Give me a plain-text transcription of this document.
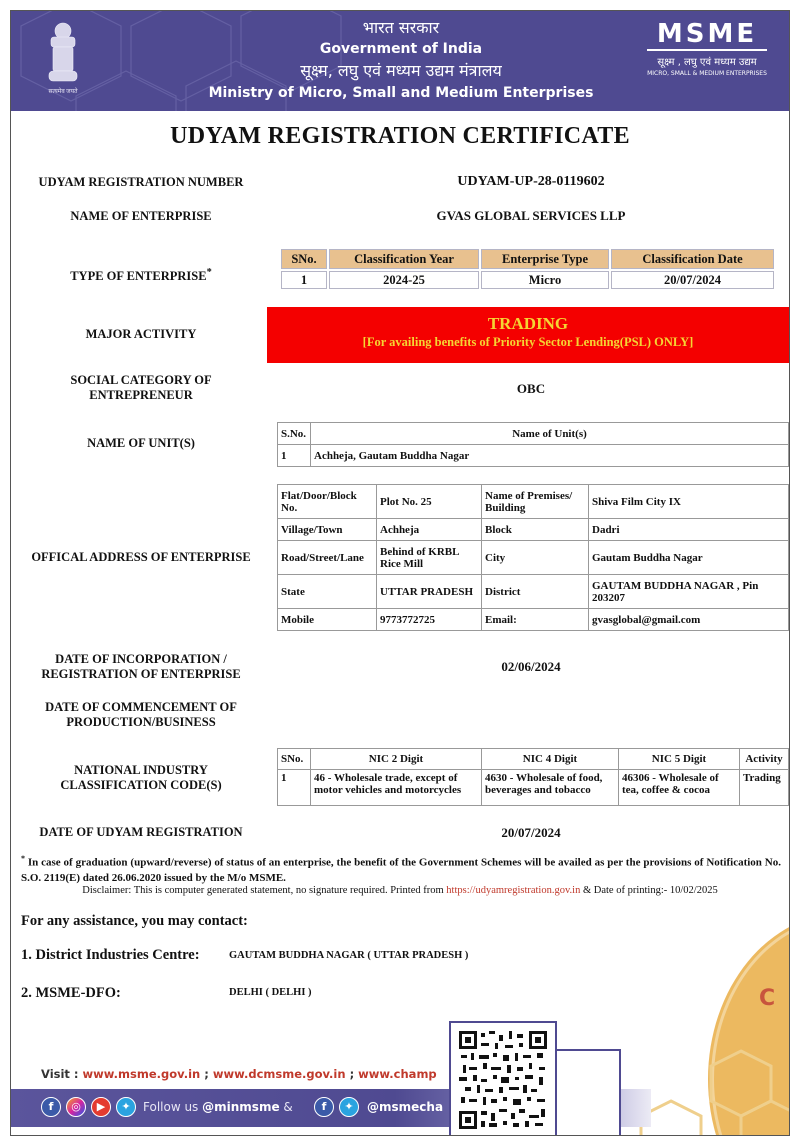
सत्यमेव जयते
भारत सरकार
Government of India
सूक्ष्म, लघु एवं मध्यम उद्यम मंत्रालय
Ministry of Micro, Small and Medium Enterprises
MSME
सूक्ष्म , लघु एवं मध्यम उद्यम
MICRO, SMALL & MEDIUM ENTERPRISES
UDYAM REGISTRATION CERTIFICATE
UDYAM REGISTRATION NUMBER	UDYAM-UP-28-0119602
NAME OF ENTERPRISE	GVAS GLOBAL SERVICES LLP
TYPE OF ENTERPRISE*
SNo.	Classification Year	Enterprise Type	Classification Date
1	2024-25	Micro	20/07/2024
MAJOR ACTIVITY
TRADING
[For availing benefits of Priority Sector Lending(PSL) ONLY]
SOCIAL CATEGORY OF
ENTREPRENEUR	OBC
NAME OF UNIT(S)
S.No.	Name of Unit(s)
1	Achheja, Gautam Buddha Nagar
OFFICAL ADDRESS OF ENTERPRISE
Flat/Door/Block No.	Plot No. 25	Name of Premises/ Building	Shiva Film City IX
Village/Town	Achheja	Block	Dadri
Road/Street/Lane	Behind of KRBL Rice Mill	City	Gautam Buddha Nagar
State	UTTAR PRADESH	District	GAUTAM BUDDHA NAGAR , Pin 203207
Mobile	9773772725	Email:	gvasglobal@gmail.com
DATE OF INCORPORATION /
REGISTRATION OF ENTERPRISE	02/06/2024
DATE OF COMMENCEMENT OF
PRODUCTION/BUSINESS
NATIONAL INDUSTRY
CLASSIFICATION CODE(S)
SNo.	NIC 2 Digit	NIC 4 Digit	NIC 5 Digit	Activity
1	46 - Wholesale trade, except of motor vehicles and motorcycles	4630 - Wholesale of food, beverages and tobacco	46306 - Wholesale of tea, coffee & cocoa	Trading
DATE OF UDYAM REGISTRATION	20/07/2024
* In case of graduation (upward/reverse) of status of an enterprise, the benefit of the Government Schemes will be availed as per the provisions of Notification No. S.O. 2119(E) dated 26.06.2020 issued by the M/o MSME.
Disclaimer: This is computer generated statement, no signature required. Printed from https://udyamregistration.gov.in & Date of printing:- 10/02/2025
C
For any assistance, you may contact:
1. District Industries Centre:	GAUTAM BUDDHA NAGAR ( UTTAR PRADESH )
2. MSME-DFO:	DELHI ( DELHI )
Visit : www.msme.gov.in ; www.dcmsme.gov.in ; www.champ
f	◎	▶	✦	Follow us @minmsme &	f	✦	@msmecha
